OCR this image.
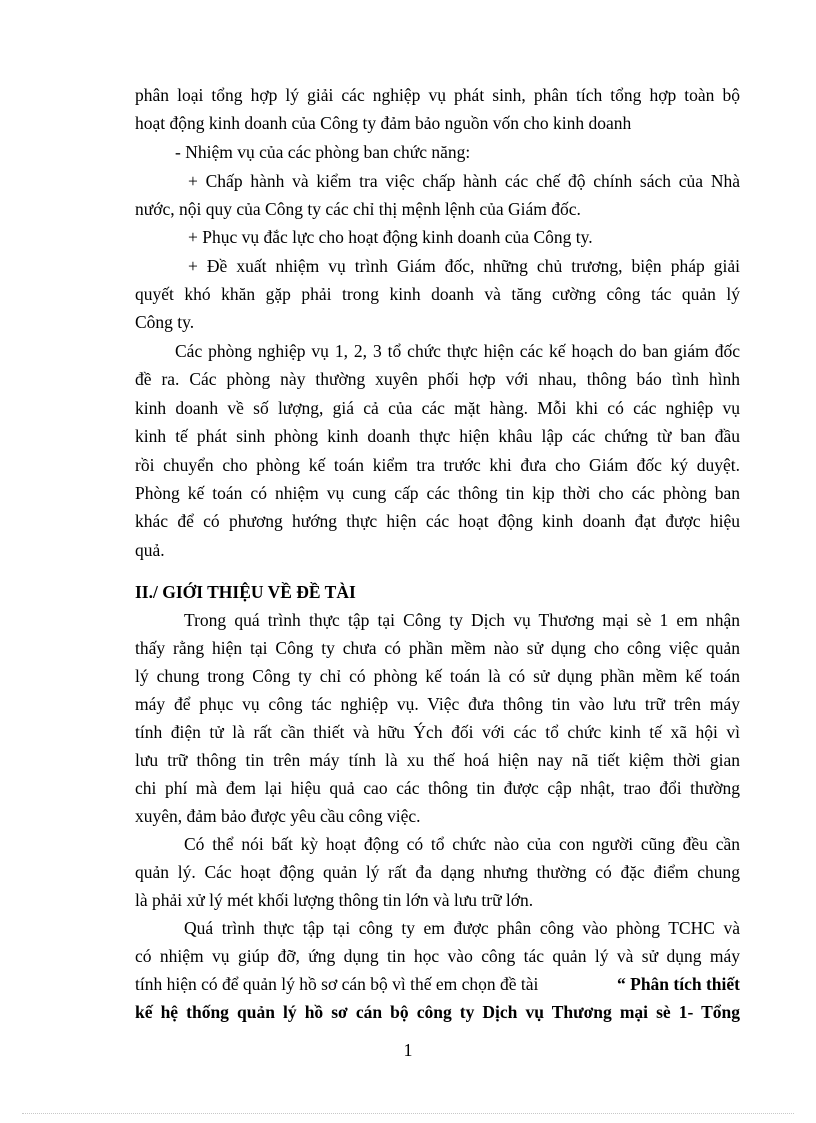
phân loại tổng hợp lý giải các nghiệp vụ phát sinh, phân tích tổng hợp toàn bộ
hoạt động kinh doanh của Công ty đảm bảo nguồn vốn cho kinh doanh
- Nhiệm vụ của các phòng ban chức năng:
+ Chấp hành và kiểm tra việc chấp hành các chế độ chính sách của Nhà
nước, nội quy của Công ty các chỉ thị mệnh lệnh của Giám đốc.
+ Phục vụ đắc lực cho hoạt động kinh doanh của Công ty.
+ Đề xuất nhiệm vụ trình Giám đốc, những chủ trương, biện pháp giải
quyết khó khăn gặp phải trong kinh doanh và tăng cường công tác quản lý
Công ty.
Các phòng nghiệp vụ 1, 2, 3 tổ chức thực hiện các kế hoạch do ban giám đốc
đề ra. Các phòng này thường xuyên phối hợp với nhau, thông báo tình hình
kinh doanh về số lượng, giá cả của các mặt hàng. Mỗi khi có các nghiệp vụ
kinh tế phát sinh phòng kinh doanh thực hiện khâu lập các chứng từ ban đầu
rồi chuyển cho phòng kế toán kiểm tra trước khi đưa cho Giám đốc ký duyệt.
Phòng kế toán có nhiệm vụ cung cấp các thông tin kịp thời cho các phòng ban
khác để có phương hướng thực hiện các hoạt động kinh doanh đạt được hiệu
quả.
II./ GIỚI THIỆU VỀ ĐỀ TÀI
Trong quá trình thực tập tại Công ty Dịch vụ Thương mại sè 1 em nhận
thấy rằng hiện tại Công ty chưa có phần mềm nào sử dụng cho công việc quản
lý chung trong Công ty chỉ có phòng kế toán là có sử dụng phần mềm kế toán
máy để phục vụ công tác nghiệp vụ. Việc đưa thông tin vào lưu trữ trên máy
tính điện tử là rất cần thiết và hữu Ých đối với các tổ chức kinh tế xã hội vì
lưu trữ thông tin trên máy tính là xu thế hoá hiện nay nã tiết kiệm thời gian
chi phí mà đem lại hiệu quả cao các thông tin được cập nhật, trao đổi thường
xuyên, đảm bảo được yêu cầu công việc.
Có thể nói bất kỳ hoạt động có tổ chức nào của con người cũng đều cần
quản lý. Các hoạt động quản lý rất đa dạng nhưng thường có đặc điểm chung
là phải xử lý mét khối lượng thông tin lớn và lưu trữ lớn.
Quá trình thực tập tại công ty em được phân công vào phòng TCHC và
có nhiệm vụ giúp đỡ, ứng dụng tin học vào công tác quản lý và sử dụng máy
tính hiện có để quản lý hồ sơ cán bộ vì thế em chọn đề tài	“ Phân tích thiết
kế hệ thống quản lý hồ sơ cán bộ công ty Dịch vụ Thương mại sè 1- Tổng
1
